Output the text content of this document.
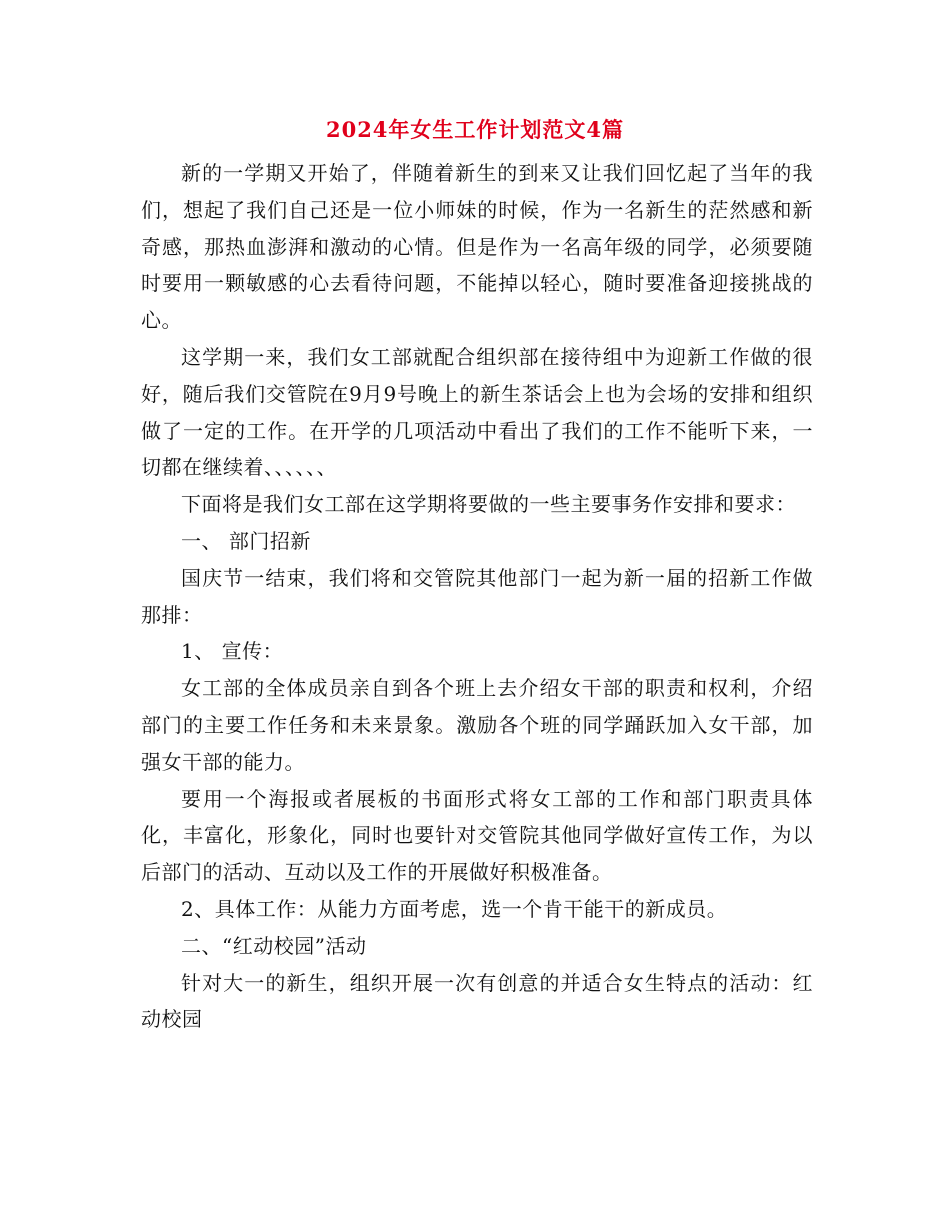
2024年女生工作计划范文4篇

新的一学期又开始了，伴随着新生的到来又让我们回忆起了当年的我们，想起了我们自己还是一位小师妹的时候，作为一名新生的茫然感和新奇感，那热血澎湃和激动的心情。但是作为一名高年级的同学，必须要随时要用一颗敏感的心去看待问题，不能掉以轻心，随时要准备迎接挑战的心。

这学期一来，我们女工部就配合组织部在接待组中为迎新工作做的很好，随后我们交管院在9月9号晚上的新生茶话会上也为会场的安排和组织做了一定的工作。在开学的几项活动中看出了我们的工作不能听下来，一切都在继续着、、、、、、

下面将是我们女工部在这学期将要做的一些主要事务作安排和要求：

一、 部门招新

国庆节一结束，我们将和交管院其他部门一起为新一届的招新工作做那排：

1、 宣传：

女工部的全体成员亲自到各个班上去介绍女干部的职责和权利，介绍部门的主要工作任务和未来景象。激励各个班的同学踊跃加入女干部，加强女干部的能力。

要用一个海报或者展板的书面形式将女工部的工作和部门职责具体化，丰富化，形象化，同时也要针对交管院其他同学做好宣传工作，为以后部门的活动、互动以及工作的开展做好积极准备。

2、具体工作：从能力方面考虑，选一个肯干能干的新成员。

二、“红动校园”活动

针对大一的新生，组织开展一次有创意的并适合女生特点的活动：红动校园
